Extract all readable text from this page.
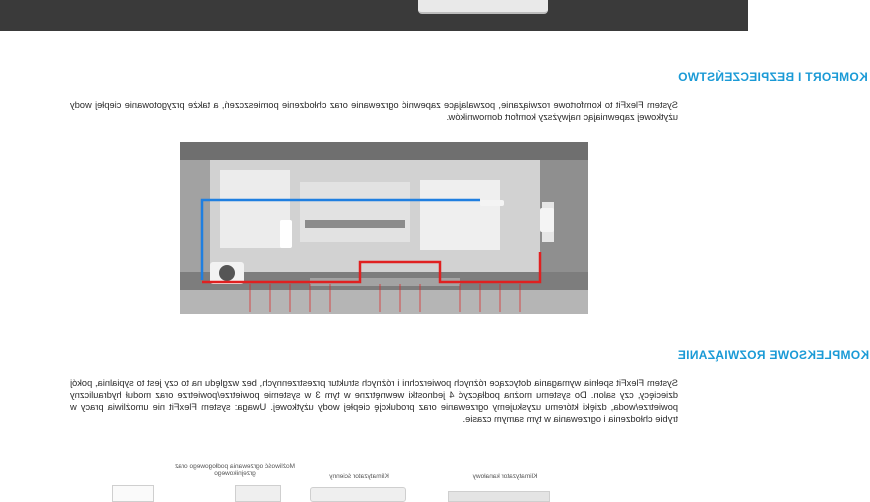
KOMFORT I BEZPIECZEŃSTWO
System FlexFit to komfortowe rozwiązanie, pozwalające zapewnić ogrzewanie oraz chłodzenie pomieszczeń, a także przygotowanie ciepłej wody użytkowej zapewniając najwyższy komfort domowników.
KOMPLEKSOWE ROZWIĄZANIE
System FlexFit spełnia wymagania dotyczące różnych powierzchni i różnych struktur przestrzennych, bez względu na to czy jest to sypialnia, pokój dziecięcy, czy salon. Do systemu można podłączyć 4 jednostki wewnętrzne w tym 3 w systemie powietrze/powietrze oraz moduł hydrauliczny powietrze/woda, dzięki któremu uzyskujemy ogrzewanie oraz produkcję ciepłej wody użytkowej. Uwaga: system FlexFit nie umożliwia pracy w trybie chłodzenia i ogrzewania w tym samym czasie.
Możliwość ogrzewania podłogowego oraz grzejnikowego	Klimatyzator ścienny	Klimatyzator kanałowy
